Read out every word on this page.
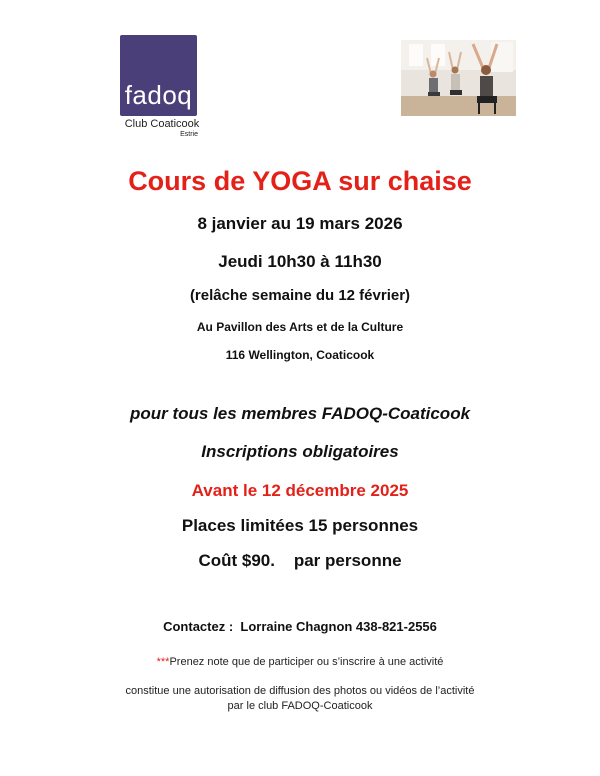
fadoq
Club Coaticook
Estrie
Cours de YOGA sur chaise
8 janvier au 19 mars 2026
Jeudi 10h30 à 11h30
(relâche semaine du 12 février)
Au Pavillon des Arts et de la Culture
116 Wellington, Coaticook
pour tous les membres FADOQ-Coaticook
Inscriptions obligatoires
Avant le 12 décembre 2025
Places limitées 15 personnes
Coût $90.    par personne
Contactez :  Lorraine Chagnon 438-821-2556
***Prenez note que de participer ou s’inscrire à une activité
constitue une autorisation de diffusion des photos ou vidéos de l’activité
par le club FADOQ-Coaticook
